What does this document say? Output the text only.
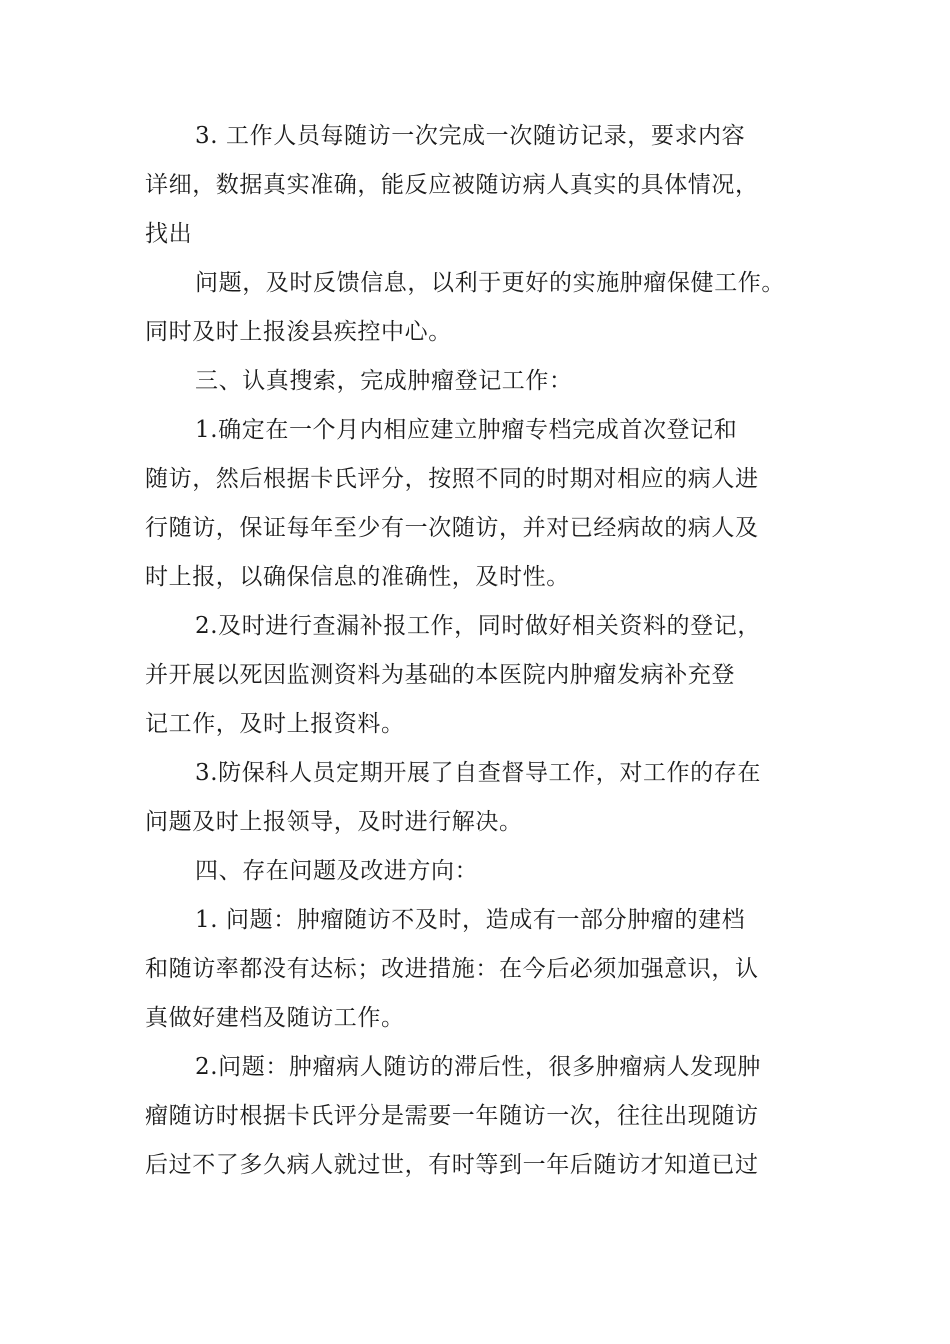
3. 工作人员每随访一次完成一次随访记录，要求内容
详细，数据真实准确，能反应被随访病人真实的具体情况，
找出
问题，及时反馈信息，以利于更好的实施肿瘤保健工作。
同时及时上报浚县疾控中心。
三、认真搜索，完成肿瘤登记工作：
1.确定在一个月内相应建立肿瘤专档完成首次登记和
随访，然后根据卡氏评分，按照不同的时期对相应的病人进
行随访，保证每年至少有一次随访，并对已经病故的病人及
时上报，以确保信息的准确性，及时性。
2.及时进行查漏补报工作，同时做好相关资料的登记，
并开展以死因监测资料为基础的本医院内肿瘤发病补充登
记工作，及时上报资料。
3.防保科人员定期开展了自查督导工作，对工作的存在
问题及时上报领导，及时进行解决。
四、存在问题及改进方向：
1. 问题：肿瘤随访不及时，造成有一部分肿瘤的建档
和随访率都没有达标；改进措施：在今后必须加强意识，认
真做好建档及随访工作。
2.问题：肿瘤病人随访的滞后性，很多肿瘤病人发现肿
瘤随访时根据卡氏评分是需要一年随访一次，往往出现随访
后过不了多久病人就过世，有时等到一年后随访才知道已过
